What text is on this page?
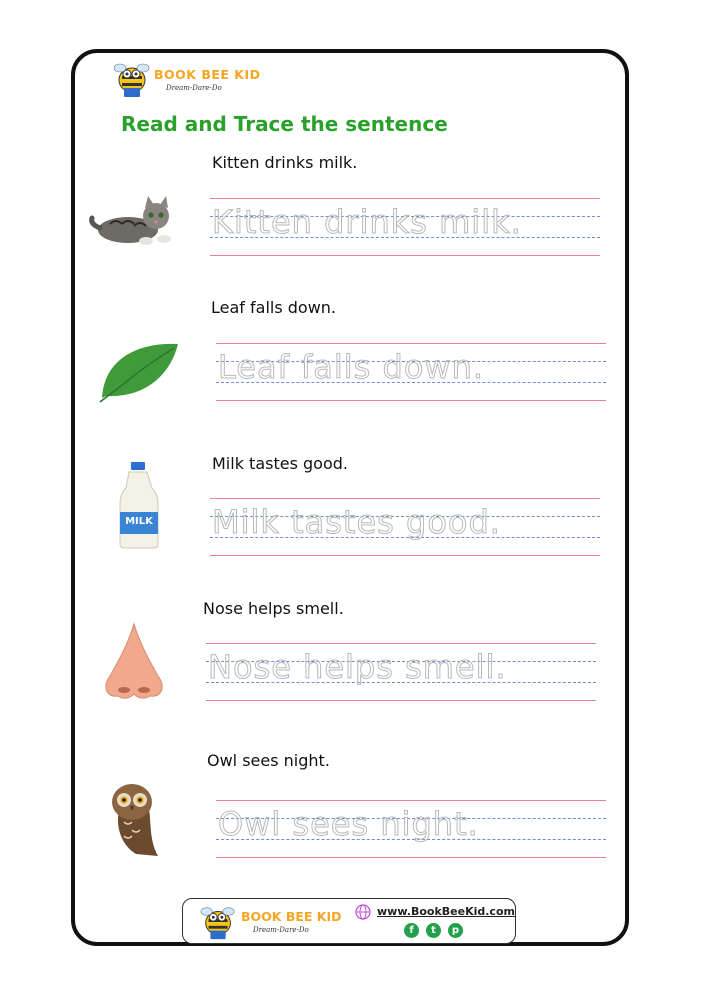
BOOK BEE KID
Dream-Dare-Do
Read and Trace the sentence
Kitten drinks milk.
Kitten drinks milk.
Leaf falls down.
Leaf falls down.
Milk tastes good.
MILK Milk tastes good.
Nose helps smell.
Nose helps smell.
Owl sees night.
Owl sees night.
BOOK BEE KID
Dream-Dare-Do
www.BookBeeKid.com
f	t	p
